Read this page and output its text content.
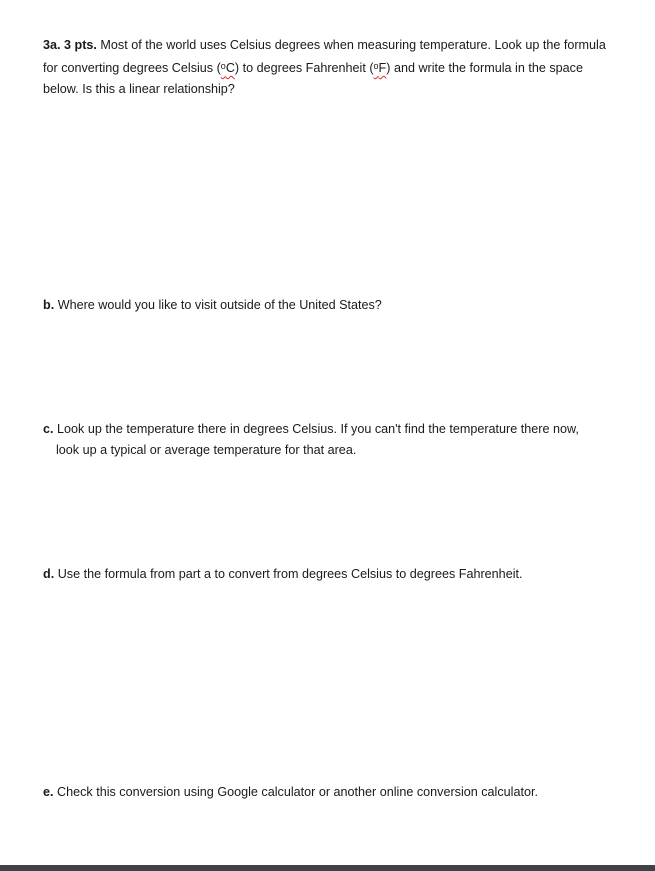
3a. 3 pts. Most of the world uses Celsius degrees when measuring temperature. Look up the formula for converting degrees Celsius ($^o$C) to degrees Fahrenheit ($^o$F) and write the formula in the space below. Is this a linear relationship?

b. Where would you like to visit outside of the United States?

c. Look up the temperature there in degrees Celsius. If you can't find the temperature there now,
look up a typical or average temperature for that area.

d. Use the formula from part a to convert from degrees Celsius to degrees Fahrenheit.

e. Check this conversion using Google calculator or another online conversion calculator.
